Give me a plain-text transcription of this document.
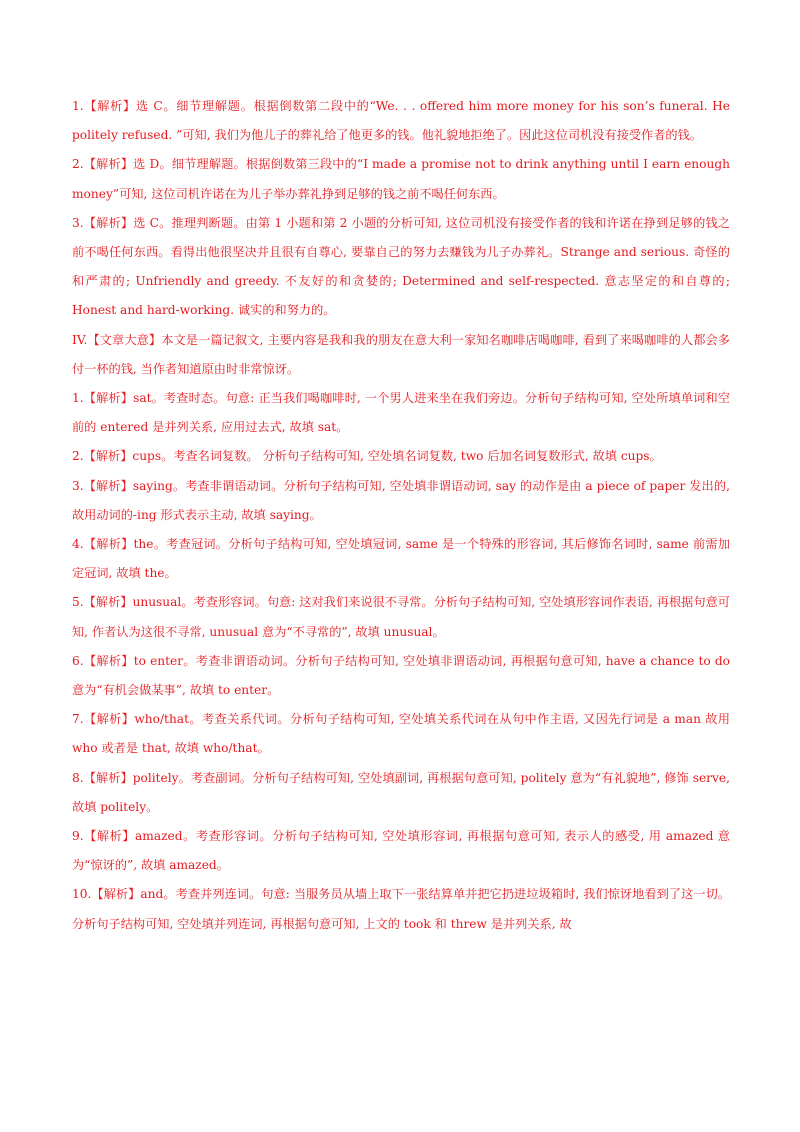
1.【解析】选 C。细节理解题。根据倒数第二段中的“We. . . offered him more money for his son’s funeral. He politely refused. ”可知, 我们为他儿子的葬礼给了他更多的钱。他礼貌地拒绝了。因此这位司机没有接受作者的钱。

2.【解析】选 D。细节理解题。根据倒数第三段中的“I made a promise not to drink anything until I earn enough money”可知, 这位司机许诺在为儿子举办葬礼挣到足够的钱之前不喝任何东西。

3.【解析】选 C。推理判断题。由第 1 小题和第 2 小题的分析可知, 这位司机没有接受作者的钱和许诺在挣到足够的钱之前不喝任何东西。看得出他很坚决并且很有自尊心, 要靠自己的努力去赚钱为儿子办葬礼。Strange and serious. 奇怪的和严肃的; Unfriendly and greedy. 不友好的和贪婪的; Determined and self-respected. 意志坚定的和自尊的; Honest and hard-working. 诚实的和努力的。

IV.【文章大意】本文是一篇记叙文, 主要内容是我和我的朋友在意大利一家知名咖啡店喝咖啡, 看到了来喝咖啡的人都会多付一杯的钱, 当作者知道原由时非常惊讶。

1.【解析】sat。考查时态。句意: 正当我们喝咖啡时, 一个男人进来坐在我们旁边。分析句子结构可知, 空处所填单词和空前的 entered 是并列关系, 应用过去式, 故填 sat。

2.【解析】cups。考查名词复数。 分析句子结构可知, 空处填名词复数, two 后加名词复数形式, 故填 cups。

3.【解析】saying。考查非谓语动词。分析句子结构可知, 空处填非谓语动词, say 的动作是由 a piece of paper 发出的, 故用动词的-ing 形式表示主动, 故填 saying。

4.【解析】the。考查冠词。分析句子结构可知, 空处填冠词, same 是一个特殊的形容词, 其后修饰名词时, same 前需加定冠词, 故填 the。

5.【解析】unusual。考查形容词。句意: 这对我们来说很不寻常。分析句子结构可知, 空处填形容词作表语, 再根据句意可知, 作者认为这很不寻常, unusual 意为“不寻常的”, 故填 unusual。

6.【解析】to enter。考查非谓语动词。分析句子结构可知, 空处填非谓语动词, 再根据句意可知, have a chance to do 意为“有机会做某事”, 故填 to enter。

7.【解析】who/that。考查关系代词。分析句子结构可知, 空处填关系代词在从句中作主语, 又因先行词是 a man 故用 who 或者是 that, 故填 who/that。

8.【解析】politely。考查副词。分析句子结构可知, 空处填副词, 再根据句意可知, politely 意为“有礼貌地”, 修饰 serve, 故填 politely。

9.【解析】amazed。考查形容词。分析句子结构可知, 空处填形容词, 再根据句意可知, 表示人的感受, 用 amazed 意为“惊讶的”, 故填 amazed。

10.【解析】and。考查并列连词。句意: 当服务员从墙上取下一张结算单并把它扔进垃圾箱时, 我们惊讶地看到了这一切。分析句子结构可知, 空处填并列连词, 再根据句意可知, 上文的 took 和 threw 是并列关系, 故
